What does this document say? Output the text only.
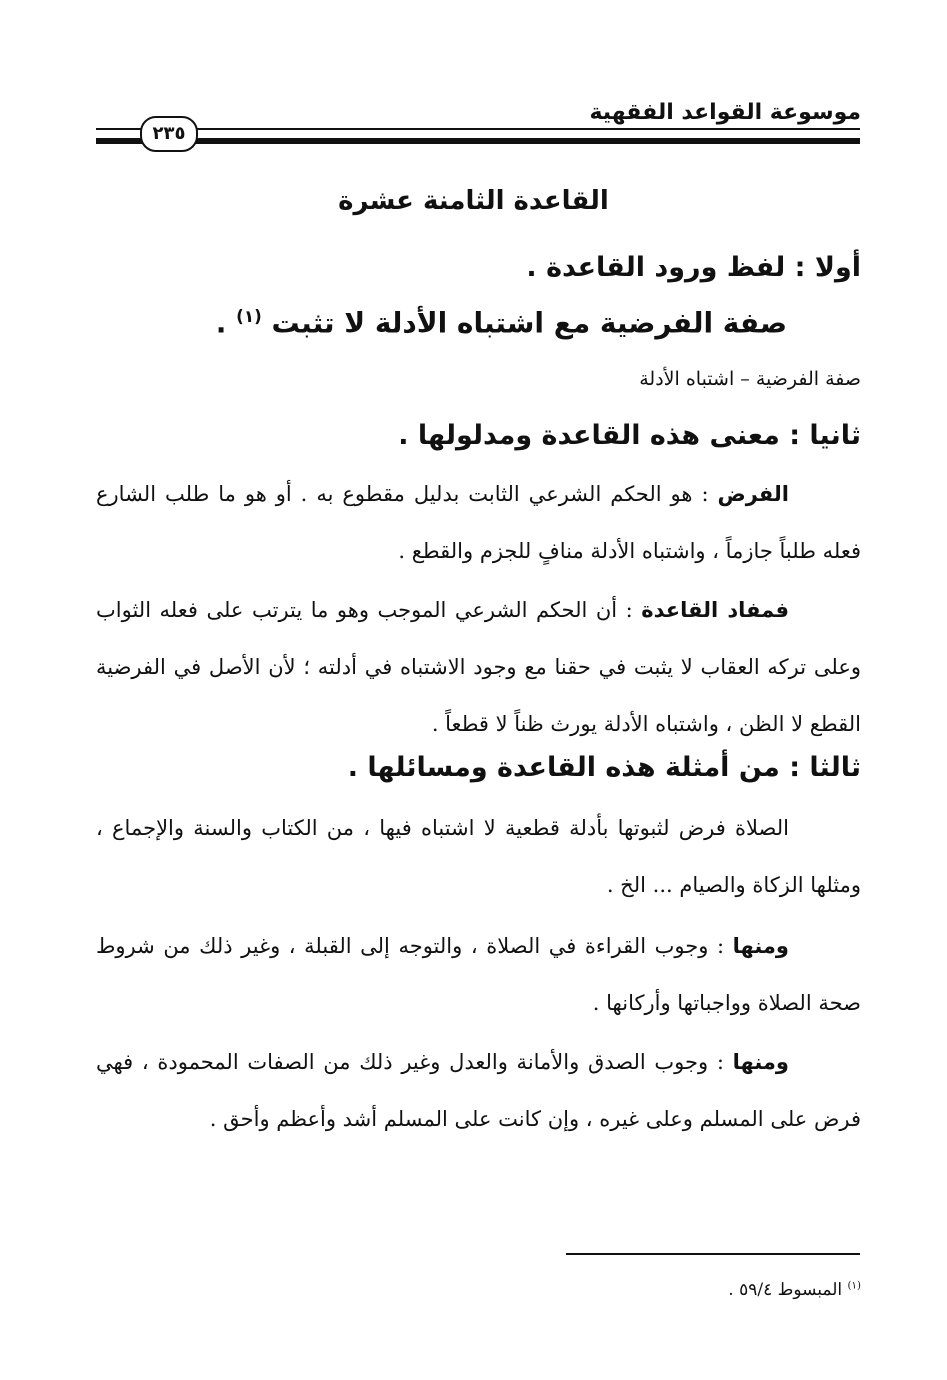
موسوعة القواعد الفقهية
٢٣٥
القاعدة الثامنة عشرة
أولا : لفظ ورود القاعدة .
صفة الفرضية مع اشتباه الأدلة لا تثبت $^{(١)}$ .
صفة الفرضية – اشتباه الأدلة
ثانيا : معنى هذه القاعدة ومدلولها .
الفرض : هو الحكم الشرعي الثابت بدليل مقطوع به . أو هو ما طلب الشارع فعله طلباً جازماً ، واشتباه الأدلة منافٍ للجزم والقطع .
فمفاد القاعدة : أن الحكم الشرعي الموجب وهو ما يترتب على فعله الثواب وعلى تركه العقاب لا يثبت في حقنا مع وجود الاشتباه في أدلته ؛ لأن الأصل في الفرضية القطع لا الظن ، واشتباه الأدلة يورث ظناً لا قطعاً .
ثالثا : من أمثلة هذه القاعدة ومسائلها .
الصلاة فرض لثبوتها بأدلة قطعية لا اشتباه فيها ، من الكتاب والسنة والإجماع ، ومثلها الزكاة والصيام ... الخ .
ومنها : وجوب القراءة في الصلاة ، والتوجه إلى القبلة ، وغير ذلك من شروط صحة الصلاة وواجباتها وأركانها .
ومنها : وجوب الصدق والأمانة والعدل وغير ذلك من الصفات المحمودة ، فهي فرض على المسلم وعلى غيره ، وإن كانت على المسلم أشد وأعظم وأحق .
$^{(١)}$ المبسوط ٥٩/٤ .
